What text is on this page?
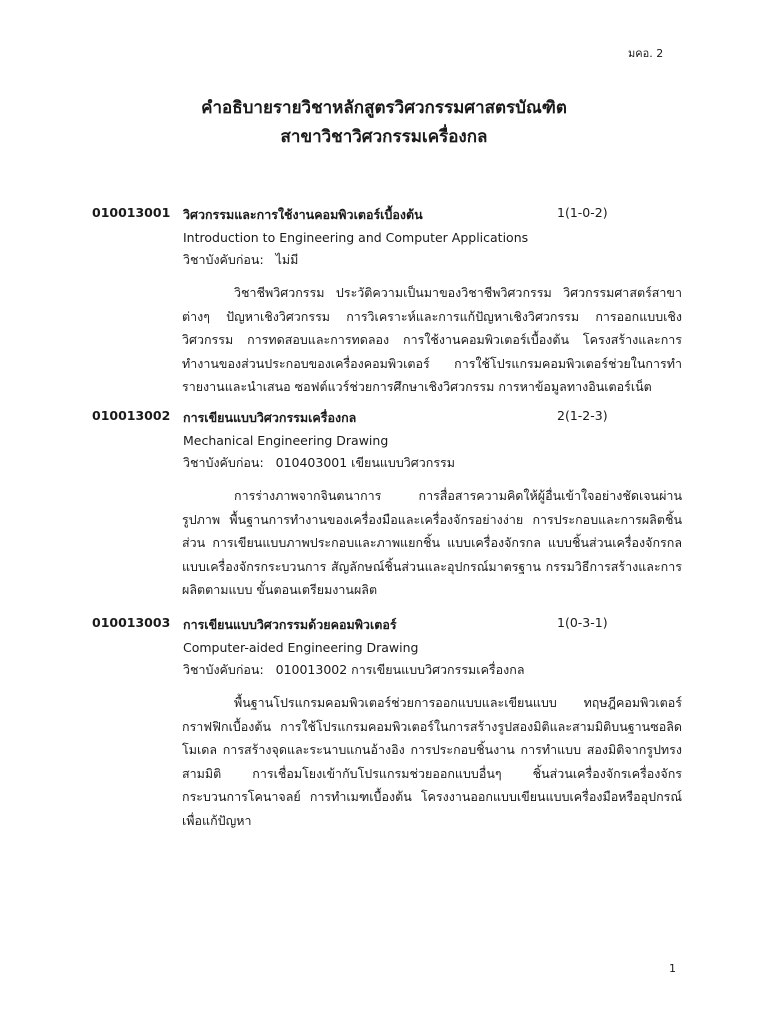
มคอ. 2
คำอธิบายรายวิชาหลักสูตรวิศวกรรมศาสตรบัณฑิต
สาขาวิชาวิศวกรรมเครื่องกล
010013001 วิศวกรรมและการใช้งานคอมพิวเตอร์เบื้องต้น	1(1-0-2)
Introduction to Engineering and Computer Applications
วิชาบังคับก่อน: ไม่มี
วิชาชีพวิศวกรรม ประวัติความเป็นมาของวิชาชีพวิศวกรรม วิศวกรรมศาสตร์สาขาต่างๆ ปัญหาเชิงวิศวกรรม การวิเคราะห์และการแก้ปัญหาเชิงวิศวกรรม การออกแบบเชิงวิศวกรรม การทดสอบและการทดลอง การใช้งานคอมพิวเตอร์เบื้องต้น โครงสร้างและการทำงานของส่วนประกอบของเครื่องคอมพิวเตอร์ การใช้โปรแกรมคอมพิวเตอร์ช่วยในการทำรายงานและนำเสนอ ซอฟต์แวร์ช่วยการศึกษาเชิงวิศวกรรม การหาข้อมูลทางอินเตอร์เน็ต
010013002 การเขียนแบบวิศวกรรมเครื่องกล	2(1-2-3)
Mechanical Engineering Drawing
วิชาบังคับก่อน: 010403001 เขียนแบบวิศวกรรม
การร่างภาพจากจินตนาการ การสื่อสารความคิดให้ผู้อื่นเข้าใจอย่างชัดเจนผ่านรูปภาพ พื้นฐานการทำงานของเครื่องมือและเครื่องจักรอย่างง่าย การประกอบและการผลิตชิ้นส่วน การเขียนแบบภาพประกอบและภาพแยกชิ้น แบบเครื่องจักรกล แบบชิ้นส่วนเครื่องจักรกล แบบเครื่องจักรกระบวนการ สัญลักษณ์ชิ้นส่วนและอุปกรณ์มาตรฐาน กรรมวิธีการสร้างและการผลิตตามแบบ ขั้นตอนเตรียมงานผลิต
010013003 การเขียนแบบวิศวกรรมด้วยคอมพิวเตอร์	1(0-3-1)
Computer-aided Engineering Drawing
วิชาบังคับก่อน: 010013002 การเขียนแบบวิศวกรรมเครื่องกล
พื้นฐานโปรแกรมคอมพิวเตอร์ช่วยการออกแบบและเขียนแบบ ทฤษฎีคอมพิวเตอร์กราฟฟิกเบื้องต้น การใช้โปรแกรมคอมพิวเตอร์ในการสร้างรูปสองมิติและสามมิติบนฐานซอลิดโมเดล การสร้างจุดและระนาบแกนอ้างอิง การประกอบชิ้นงาน การทำแบบ สองมิติจากรูปทรงสามมิติ การเชื่อมโยงเข้ากับโปรแกรมช่วยออกแบบอื่นๆ ชิ้นส่วนเครื่องจักรเครื่องจักรกระบวนการโคนาจลย์ การทำเมฑเบื้องต้น โครงงานออกแบบเขียนแบบเครื่องมือหรืออุปกรณ์เพื่อแก้ปัญหา
1
